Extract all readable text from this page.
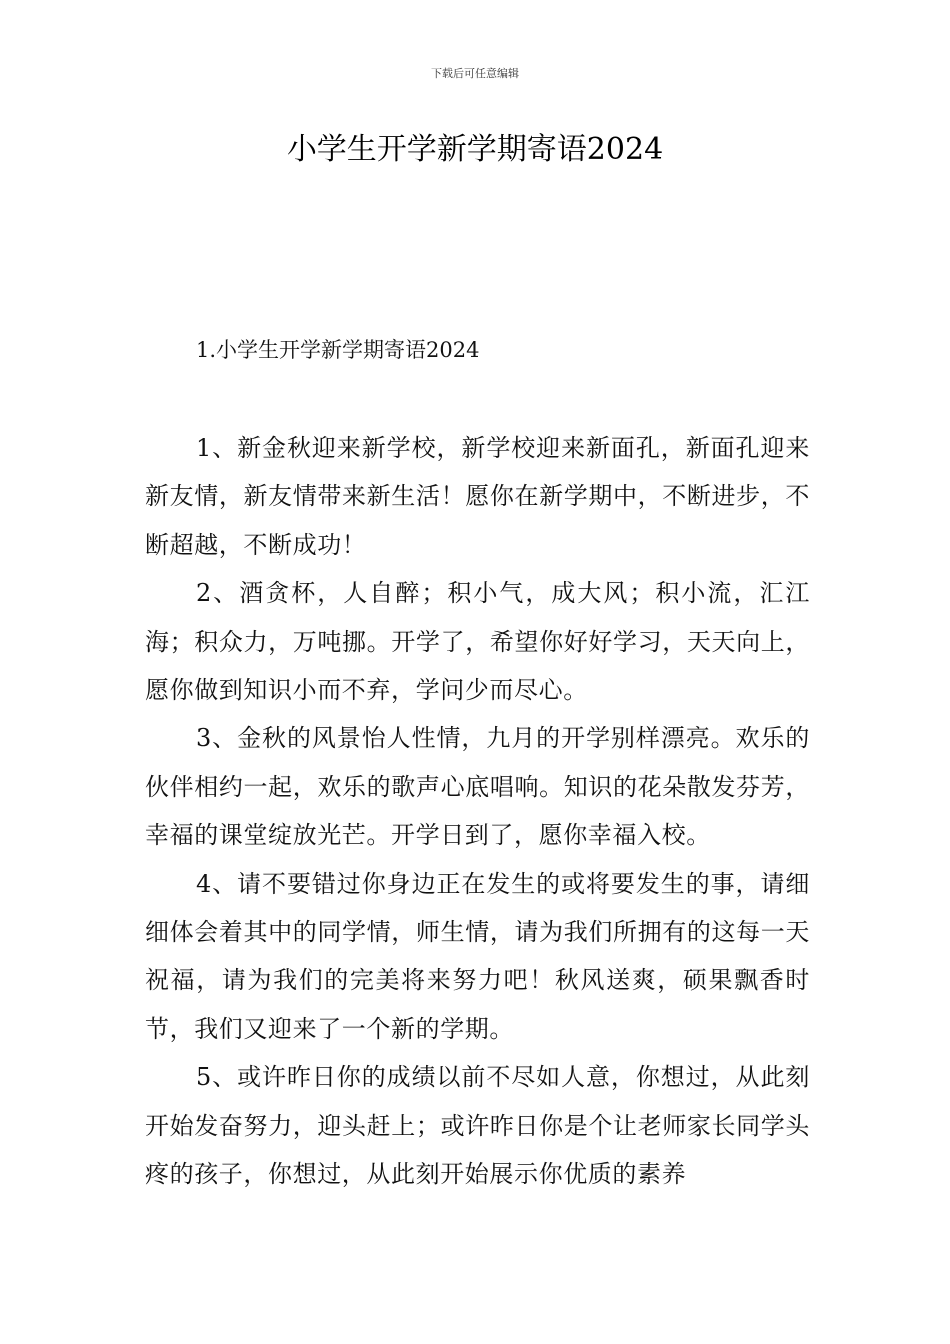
下载后可任意编辑
小学生开学新学期寄语2024
1.小学生开学新学期寄语2024

1、新金秋迎来新学校，新学校迎来新面孔，新面孔迎来新友情，新友情带来新生活！愿你在新学期中，不断进步，不断超越，不断成功！

2、酒贪杯，人自醉；积小气，成大风；积小流，汇江海；积众力，万吨挪。开学了，希望你好好学习，天天向上，愿你做到知识小而不弃，学问少而尽心。

3、金秋的风景怡人性情，九月的开学别样漂亮。欢乐的伙伴相约一起，欢乐的歌声心底唱响。知识的花朵散发芬芳，幸福的课堂绽放光芒。开学日到了，愿你幸福入校。

4、请不要错过你身边正在发生的或将要发生的事，请细细体会着其中的同学情，师生情，请为我们所拥有的这每一天祝福，请为我们的完美将来努力吧！秋风送爽，硕果飘香时节，我们又迎来了一个新的学期。

5、或许昨日你的成绩以前不尽如人意，你想过，从此刻开始发奋努力，迎头赶上；或许昨日你是个让老师家长同学头疼的孩子，你想过，从此刻开始展示你优质的素养
